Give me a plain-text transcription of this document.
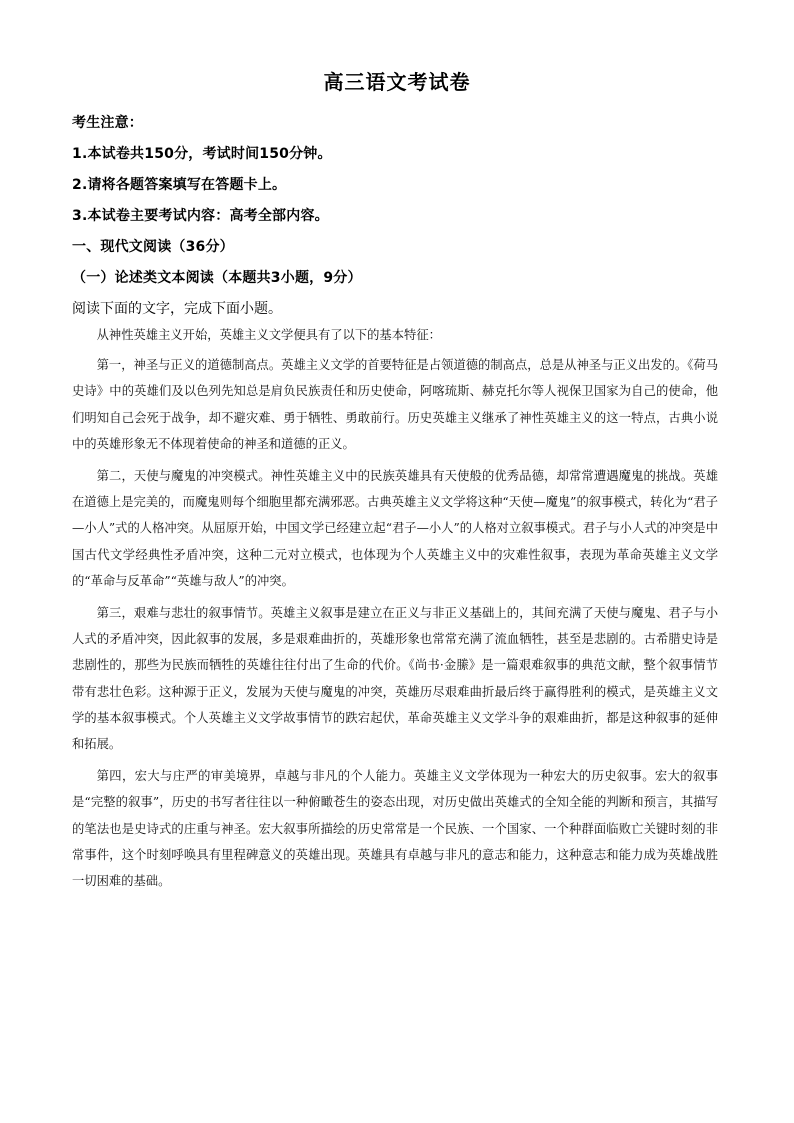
高三语文考试卷
考生注意：
1.本试卷共150分，考试时间150分钟。
2.请将各题答案填写在答题卡上。
3.本试卷主要考试内容：高考全部内容。
一、现代文阅读（36分）
（一）论述类文本阅读（本题共3小题，9分）
阅读下面的文字，完成下面小题。

从神性英雄主义开始，英雄主义文学便具有了以下的基本特征：

第一，神圣与正义的道德制高点。英雄主义文学的首要特征是占领道德的制高点，总是从神圣与正义出发的。《荷马史诗》中的英雄们及以色列先知总是肩负民族责任和历史使命，阿喀琉斯、赫克托尔等人视保卫国家为自己的使命，他们明知自己会死于战争，却不避灾难、勇于牺牲、勇敢前行。历史英雄主义继承了神性英雄主义的这一特点，古典小说中的英雄形象无不体现着使命的神圣和道德的正义。

第二，天使与魔鬼的冲突模式。神性英雄主义中的民族英雄具有天使般的优秀品德，却常常遭遇魔鬼的挑战。英雄在道德上是完美的，而魔鬼则每个细胞里都充满邪恶。古典英雄主义文学将这种“天使—魔鬼”的叙事模式，转化为“君子—小人”式的人格冲突。从屈原开始，中国文学已经建立起“君子—小人”的人格对立叙事模式。君子与小人式的冲突是中国古代文学经典性矛盾冲突，这种二元对立模式，也体现为个人英雄主义中的灾难性叙事，表现为革命英雄主义文学的“革命与反革命”“英雄与敌人”的冲突。

第三，艰难与悲壮的叙事情节。英雄主义叙事是建立在正义与非正义基础上的，其间充满了天使与魔鬼、君子与小人式的矛盾冲突，因此叙事的发展，多是艰难曲折的，英雄形象也常常充满了流血牺牲，甚至是悲剧的。古希腊史诗是悲剧性的，那些为民族而牺牲的英雄往往付出了生命的代价。《尚书·金縢》是一篇艰难叙事的典范文献，整个叙事情节带有悲壮色彩。这种源于正义，发展为天使与魔鬼的冲突，英雄历尽艰难曲折最后终于赢得胜利的模式，是英雄主义文学的基本叙事模式。个人英雄主义文学故事情节的跌宕起伏，革命英雄主义文学斗争的艰难曲折，都是这种叙事的延伸和拓展。

第四，宏大与庄严的审美境界，卓越与非凡的个人能力。英雄主义文学体现为一种宏大的历史叙事。宏大的叙事是“完整的叙事”，历史的书写者往往以一种俯瞰苍生的姿态出现，对历史做出英雄式的全知全能的判断和预言，其描写的笔法也是史诗式的庄重与神圣。宏大叙事所描绘的历史常常是一个民族、一个国家、一个种群面临败亡关键时刻的非常事件，这个时刻呼唤具有里程碑意义的英雄出现。英雄具有卓越与非凡的意志和能力，这种意志和能力成为英雄战胜一切困难的基础。
